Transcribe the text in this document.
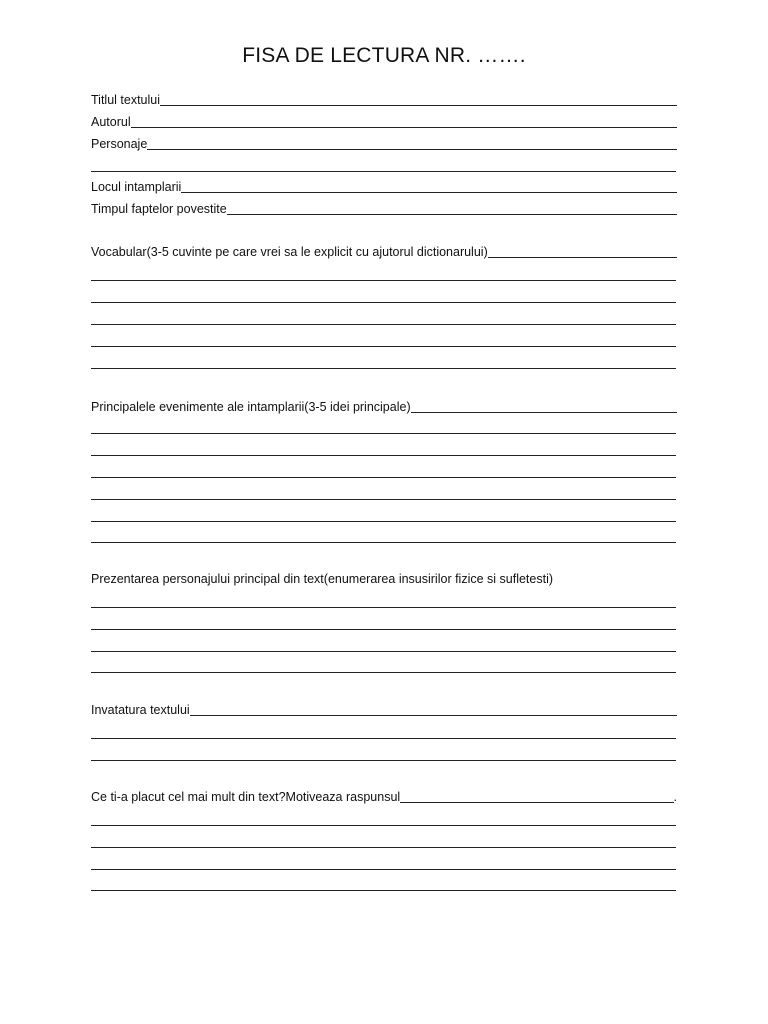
FISA DE LECTURA NR. …….
Titlul textului
Autorul
Personaje
Locul intamplarii
Timpul faptelor povestite
Vocabular(3-5 cuvinte pe care vrei sa le explicit cu ajutorul dictionarului)
Principalele evenimente ale intamplarii(3-5 idei principale)
Prezentarea personajului principal din text(enumerarea insusirilor fizice si sufletesti)
Invatatura textului
Ce ti-a placut cel mai mult din text?Motiveaza raspunsul	.
